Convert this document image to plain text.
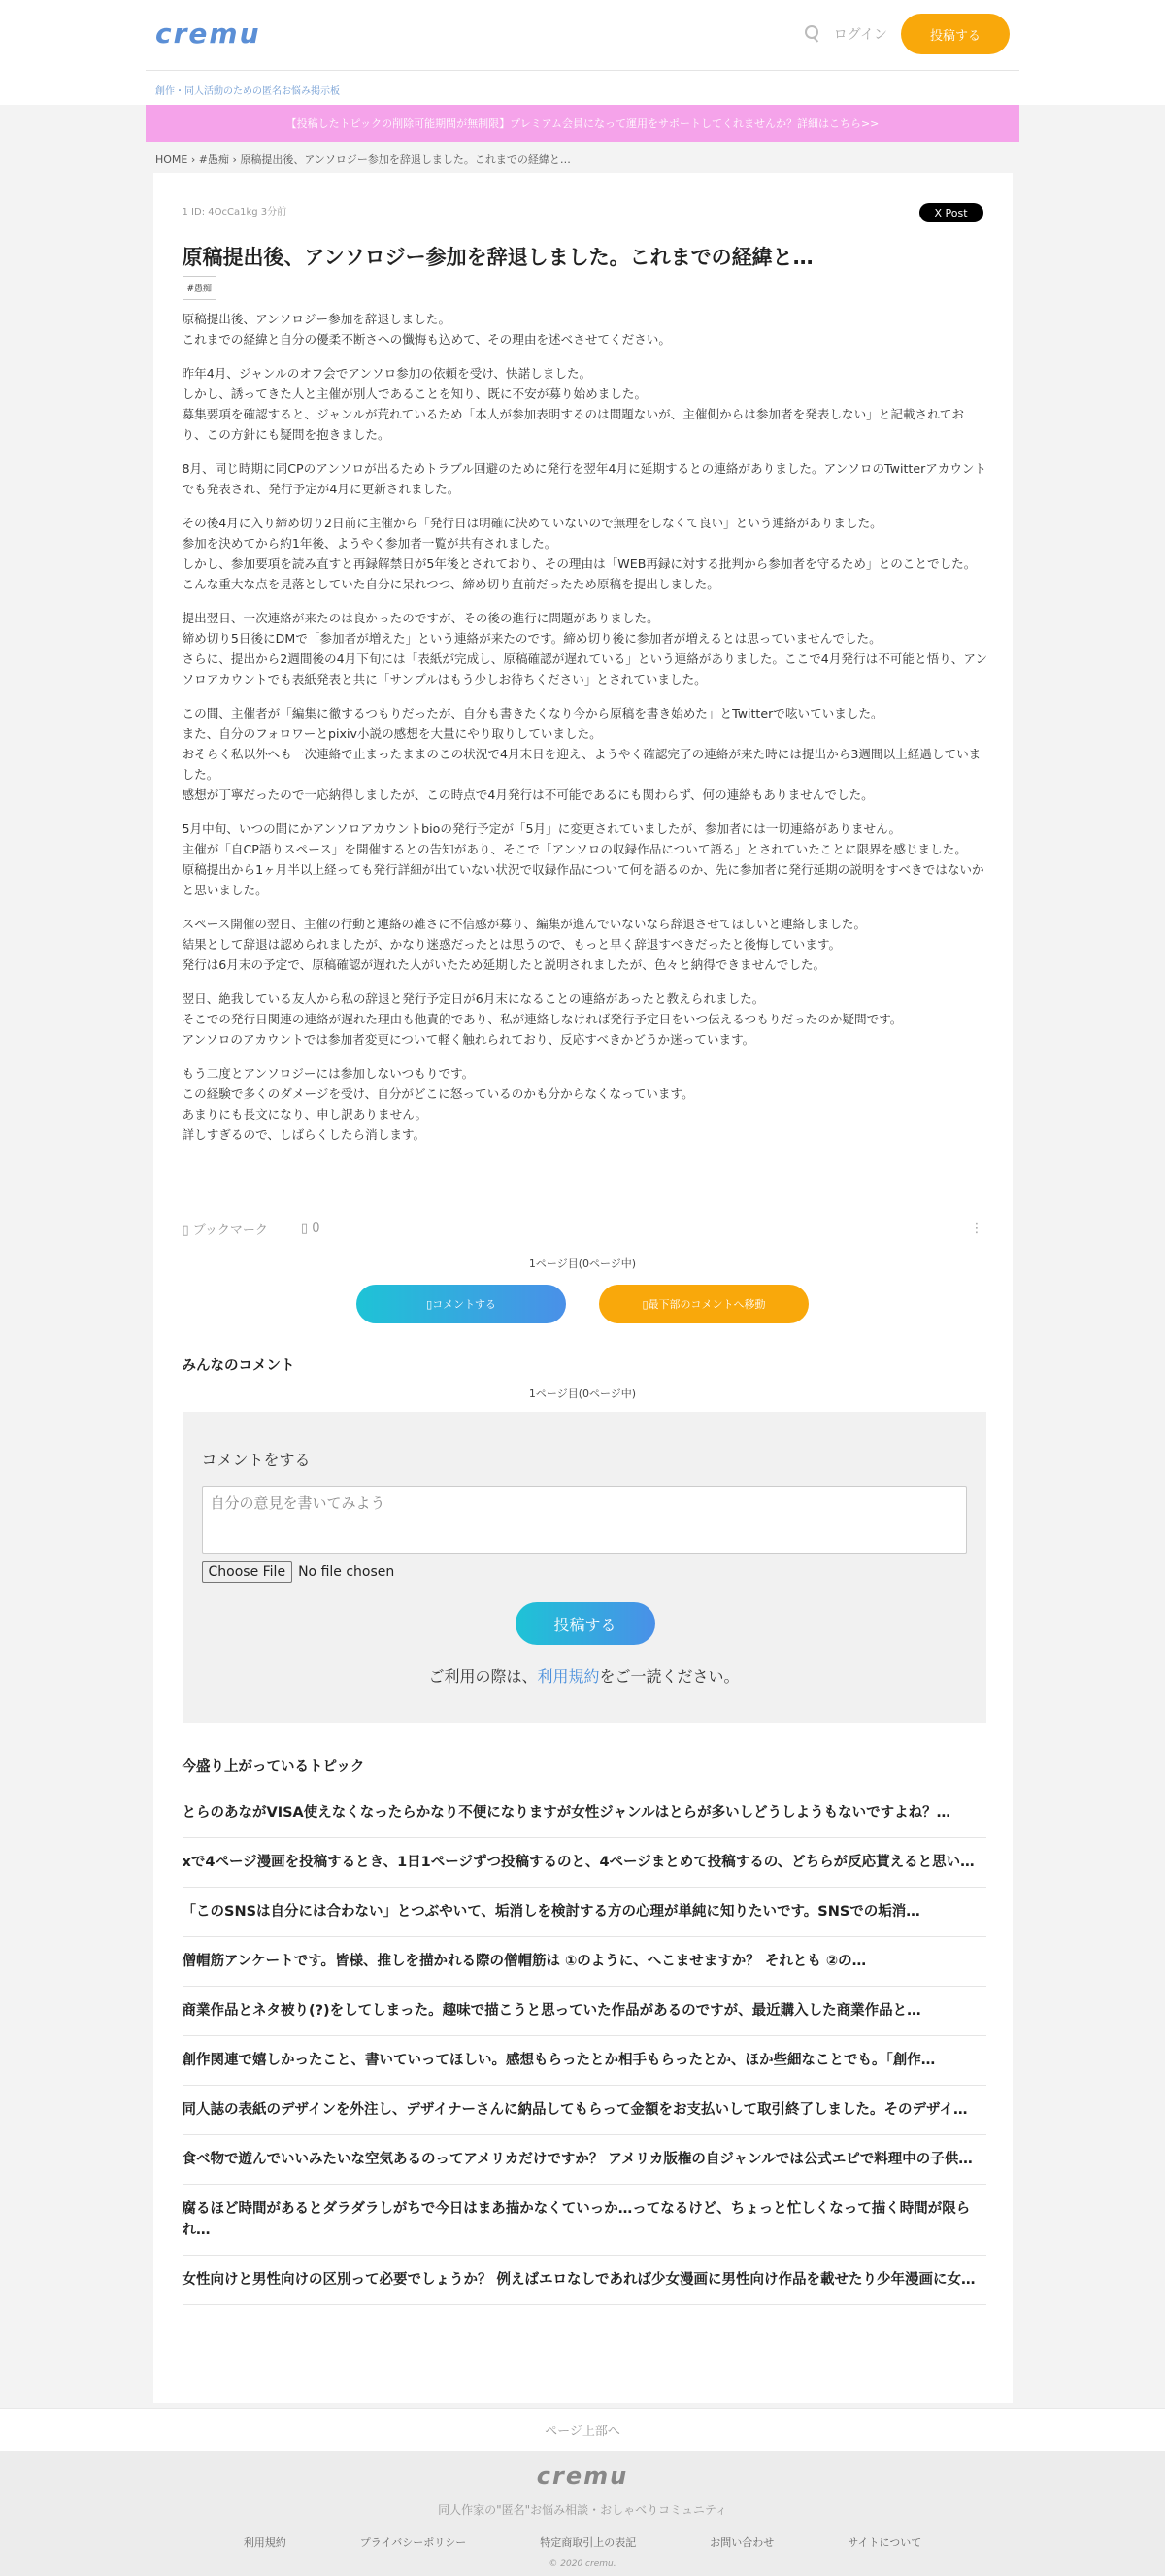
cremu	ログイン	投稿する
創作・同人活動のための匿名お悩み掲示板
【投稿したトピックの削除可能期間が無制限】プレミアム会員になって運用をサポートしてくれませんか？詳細はこちら>>
HOME › #愚痴 › 原稿提出後、アンソロジー参加を辞退しました。これまでの経緯と…
1 ID: 4OcCa1kg 3分前	X Post
原稿提出後、アンソロジー参加を辞退しました。これまでの経緯と…
#愚痴

原稿提出後、アンソロジー参加を辞退しました。
これまでの経緯と自分の優柔不断さへの懺悔も込めて、その理由を述べさせてください。

昨年4月、ジャンルのオフ会でアンソロ参加の依頼を受け、快諾しました。
しかし、誘ってきた人と主催が別人であることを知り、既に不安が募り始めました。
募集要項を確認すると、ジャンルが荒れているため「本人が参加表明するのは問題ないが、主催側からは参加者を発表しない」と記載されており、この方針にも疑問を抱きました。

8月、同じ時期に同CPのアンソロが出るためトラブル回避のために発行を翌年4月に延期するとの連絡がありました。アンソロのTwitterアカウントでも発表され、発行予定が4月に更新されました。

その後4月に入り締め切り2日前に主催から「発行日は明確に決めていないので無理をしなくて良い」という連絡がありました。
参加を決めてから約1年後、ようやく参加者一覧が共有されました。
しかし、参加要項を読み直すと再録解禁日が5年後とされており、その理由は「WEB再録に対する批判から参加者を守るため」とのことでした。
こんな重大な点を見落としていた自分に呆れつつ、締め切り直前だったため原稿を提出しました。

提出翌日、一次連絡が来たのは良かったのですが、その後の進行に問題がありました。
締め切り5日後にDMで「参加者が増えた」という連絡が来たのです。締め切り後に参加者が増えるとは思っていませんでした。
さらに、提出から2週間後の4月下旬には「表紙が完成し、原稿確認が遅れている」という連絡がありました。ここで4月発行は不可能と悟り、アンソロアカウントでも表紙発表と共に「サンプルはもう少しお待ちください」とされていました。

この間、主催者が「編集に徹するつもりだったが、自分も書きたくなり今から原稿を書き始めた」とTwitterで呟いていました。
また、自分のフォロワーとpixiv小説の感想を大量にやり取りしていました。
おそらく私以外へも一次連絡で止まったままのこの状況で4月末日を迎え、ようやく確認完了の連絡が来た時には提出から3週間以上経過していました。
感想が丁寧だったので一応納得しましたが、この時点で4月発行は不可能であるにも関わらず、何の連絡もありませんでした。

5月中旬、いつの間にかアンソロアカウントbioの発行予定が「5月」に変更されていましたが、参加者には一切連絡がありません。
主催が「自CP語りスペース」を開催するとの告知があり、そこで「アンソロの収録作品について語る」とされていたことに限界を感じました。
原稿提出から1ヶ月半以上経っても発行詳細が出ていない状況で収録作品について何を語るのか、先に参加者に発行延期の説明をすべきではないかと思いました。

スペース開催の翌日、主催の行動と連絡の雑さに不信感が募り、編集が進んでいないなら辞退させてほしいと連絡しました。
結果として辞退は認められましたが、かなり迷惑だったとは思うので、もっと早く辞退すべきだったと後悔しています。
発行は6月末の予定で、原稿確認が遅れた人がいたため延期したと説明されましたが、色々と納得できませんでした。

翌日、絶我している友人から私の辞退と発行予定日が6月末になることの連絡があったと教えられました。
そこでの発行日関連の連絡が遅れた理由も他責的であり、私が連絡しなければ発行予定日をいつ伝えるつもりだったのか疑問です。
アンソロのアカウントでは参加者変更について軽く触れられており、反応すべきかどうか迷っています。

もう二度とアンソロジーには参加しないつもりです。
この経験で多くのダメージを受け、自分がどこに怒っているのかも分からなくなっています。
あまりにも長文になり、申し訳ありません。
詳しすぎるので、しばらくしたら消します。

▯ ブックマーク	▯ 0	⋮
1ページ目(0ページ中)
▯ コメントする	▯ 最下部のコメントへ移動
みんなのコメント
1ページ目(0ページ中)
コメントをする
自分の意見を書いてみよう
Choose File No file chosen
投稿する
ご利用の際は、利用規約をご一読ください。
今盛り上がっているトピック
とらのあながVISA使えなくなったらかなり不便になりますが女性ジャンルはとらが多いしどうしようもないですよね？…
xで4ページ漫画を投稿するとき、1日1ページずつ投稿するのと、4ページまとめて投稿するの、どちらが反応貰えると思い…
「このSNSは自分には合わない」とつぶやいて、垢消しを検討する方の心理が単純に知りたいです。SNSでの垢消…
僧帽筋アンケートです。皆様、推しを描かれる際の僧帽筋は ①のように、へこませますか？ それとも ②の…
商業作品とネタ被り(?)をしてしまった。趣味で描こうと思っていた作品があるのですが、最近購入した商業作品と…
創作関連で嬉しかったこと、書いていってほしい。感想もらったとか相手もらったとか、ほか些細なことでも。「創作…
同人誌の表紙のデザインを外注し、デザイナーさんに納品してもらって金額をお支払いして取引終了しました。そのデザイ…
食べ物で遊んでいいみたいな空気あるのってアメリカだけですか？ アメリカ版権の自ジャンルでは公式エピで料理中の子供…
腐るほど時間があるとダラダラしがちで今日はまあ描かなくていっか…ってなるけど、ちょっと忙しくなって描く時間が限られ…
女性向けと男性向けの区別って必要でしょうか？ 例えばエロなしであれば少女漫画に男性向け作品を載せたり少年漫画に女…
ページ上部へ
cremu
同人作家の"匿名"お悩み相談・おしゃべりコミュニティ
利用規約	プライバシーポリシー	特定商取引上の表記	お問い合わせ	サイトについて
© 2020 cremu.
